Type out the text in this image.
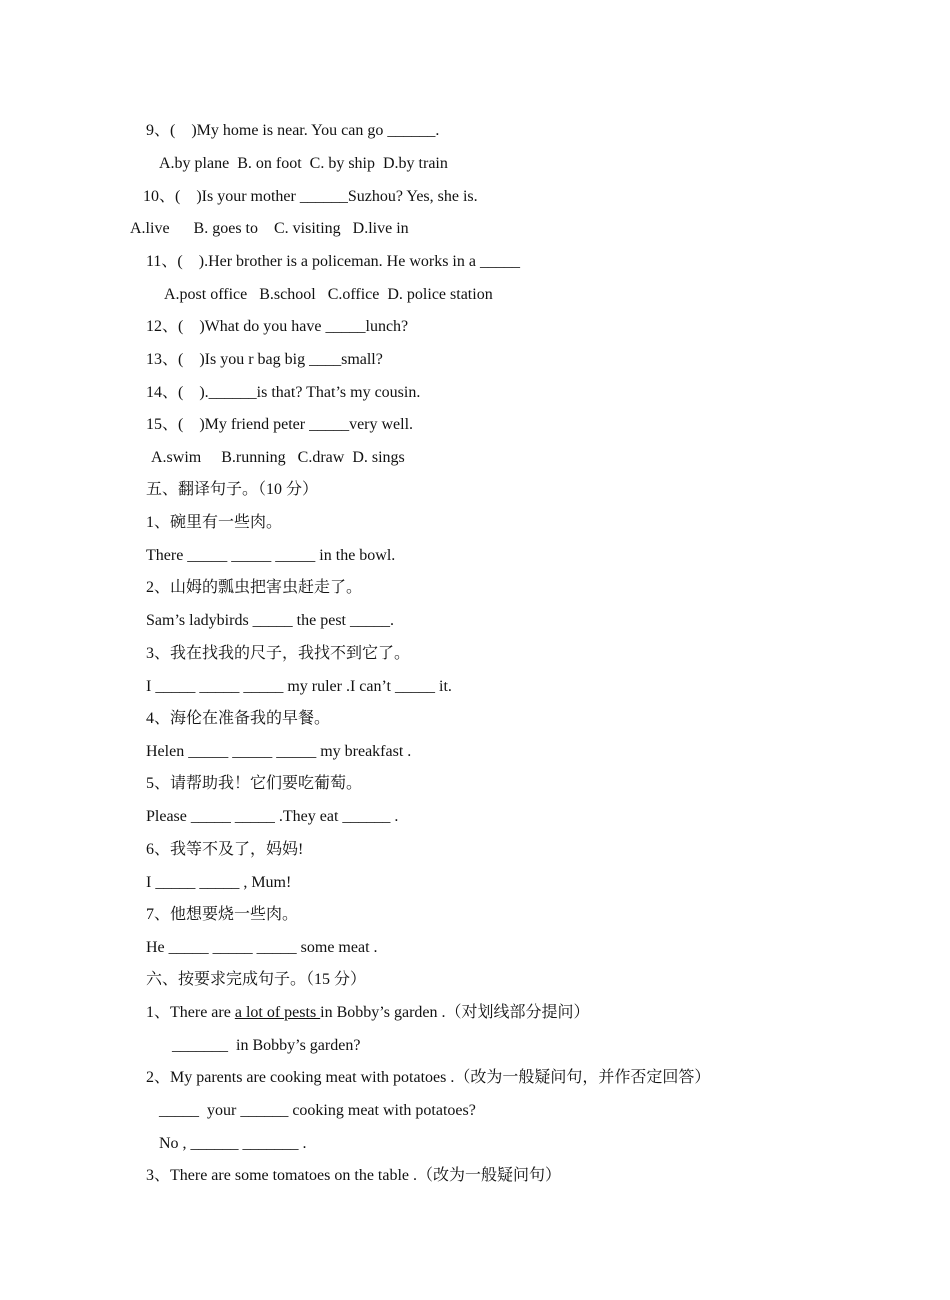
9、(    )My home is near. You can go ______.
A.by plane  B. on foot  C. by ship  D.by train
10、(    )Is your mother ______Suzhou? Yes, she is.
A.live      B. goes to    C. visiting   D.live in
11、(    ).Her brother is a policeman. He works in a _____
A.post office   B.school   C.office  D. police station
12、(    )What do you have _____lunch?
13、(    )Is you r bag big ____small?
14、(    ).______is that? That’s my cousin.
15、(    )My friend peter _____very well.
A.swim     B.running   C.draw  D. sings
五、翻译句子。（10 分）
1、碗里有一些肉。
There _____ _____ _____ in the bowl.
2、山姆的瓢虫把害虫赶走了。
Sam’s ladybirds _____ the pest _____.
3、我在找我的尺子，我找不到它了。
I _____ _____ _____ my ruler .I can’t _____ it.
4、海伦在准备我的早餐。
Helen _____ _____ _____ my breakfast .
5、请帮助我！它们要吃葡萄。
Please _____ _____ .They eat ______ .
6、我等不及了，妈妈!
I _____ _____ , Mum!
7、他想要烧一些肉。
He _____ _____ _____ some meat .
六、按要求完成句子。（15 分）
1、There are a lot of pests in Bobby’s garden .（对划线部分提问）
_______  in Bobby’s garden?
2、My parents are cooking meat with potatoes .（改为一般疑问句，并作否定回答）
_____  your ______ cooking meat with potatoes?
No , ______ _______ .
3、There are some tomatoes on the table .（改为一般疑问句）
